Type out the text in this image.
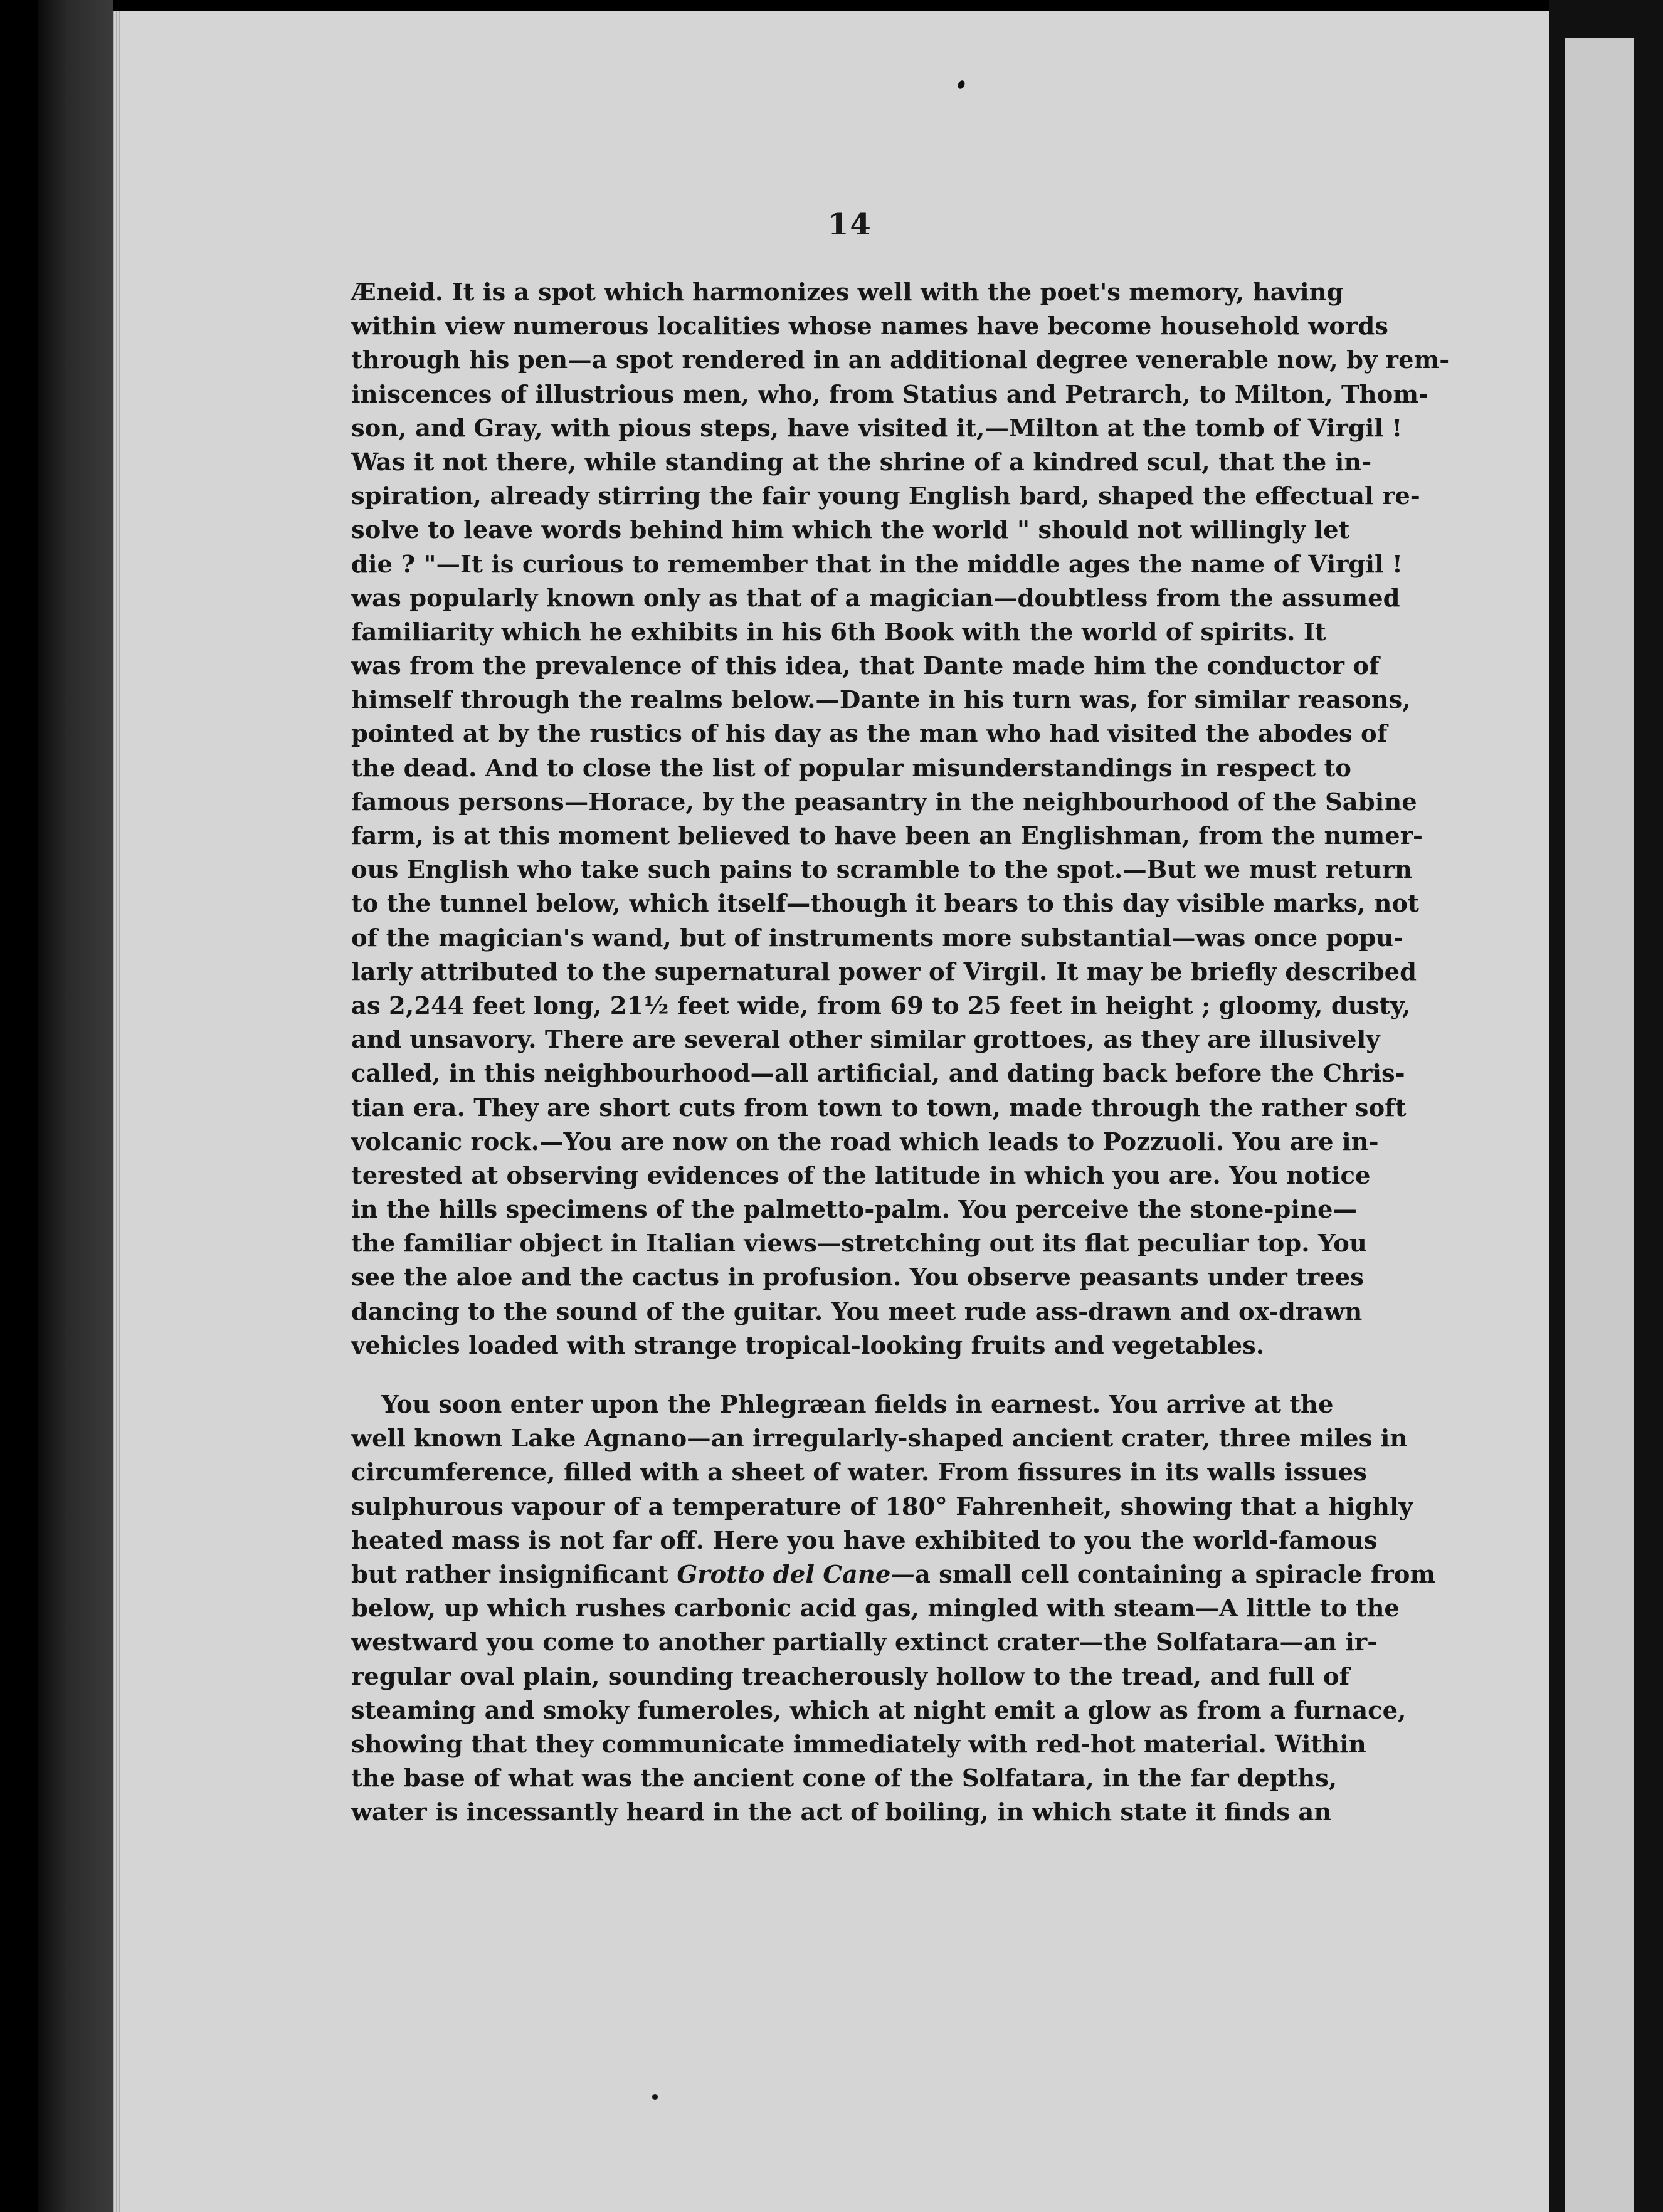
14
Æneid. It is a spot which harmonizes well with the poet's memory, having
within view numerous localities whose names have become household words
through his pen—a spot rendered in an additional degree venerable now, by rem-
iniscences of illustrious men, who, from Statius and Petrarch, to Milton, Thom-
son, and Gray, with pious steps, have visited it,—Milton at the tomb of Virgil !
Was it not there, while standing at the shrine of a kindred scul, that the in-
spiration, already stirring the fair young English bard, shaped the effectual re-
solve to leave words behind him which the world " should not willingly let
die ? "—It is curious to remember that in the middle ages the name of Virgil !
was popularly known only as that of a magician—doubtless from the assumed
familiarity which he exhibits in his 6th Book with the world of spirits. It
was from the prevalence of this idea, that Dante made him the conductor of
himself through the realms below.—Dante in his turn was, for similar reasons,
pointed at by the rustics of his day as the man who had visited the abodes of
the dead. And to close the list of popular misunderstandings in respect to
famous persons—Horace, by the peasantry in the neighbourhood of the Sabine
farm, is at this moment believed to have been an Englishman, from the numer-
ous English who take such pains to scramble to the spot.—But we must return
to the tunnel below, which itself—though it bears to this day visible marks, not
of the magician's wand, but of instruments more substantial—was once popu-
larly attributed to the supernatural power of Virgil. It may be briefly described
as 2,244 feet long, 21½ feet wide, from 69 to 25 feet in height ; gloomy, dusty,
and unsavory. There are several other similar grottoes, as they are illusively
called, in this neighbourhood—all artificial, and dating back before the Chris-
tian era. They are short cuts from town to town, made through the rather soft
volcanic rock.—You are now on the road which leads to Pozzuoli. You are in-
terested at observing evidences of the latitude in which you are. You notice
in the hills specimens of the palmetto-palm. You perceive the stone-pine—
the familiar object in Italian views—stretching out its flat peculiar top. You
see the aloe and the cactus in profusion. You observe peasants under trees
dancing to the sound of the guitar. You meet rude ass-drawn and ox-drawn
vehicles loaded with strange tropical-looking fruits and vegetables.
You soon enter upon the Phlegræan fields in earnest. You arrive at the
well known Lake Agnano—an irregularly-shaped ancient crater, three miles in
circumference, filled with a sheet of water. From fissures in its walls issues
sulphurous vapour of a temperature of 180° Fahrenheit, showing that a highly
heated mass is not far off. Here you have exhibited to you the world-famous
but rather insignificant Grotto del Cane—a small cell containing a spiracle from
below, up which rushes carbonic acid gas, mingled with steam—A little to the
westward you come to another partially extinct crater—the Solfatara—an ir-
regular oval plain, sounding treacherously hollow to the tread, and full of
steaming and smoky fumeroles, which at night emit a glow as from a furnace,
showing that they communicate immediately with red-hot material. Within
the base of what was the ancient cone of the Solfatara, in the far depths,
water is incessantly heard in the act of boiling, in which state it finds an
